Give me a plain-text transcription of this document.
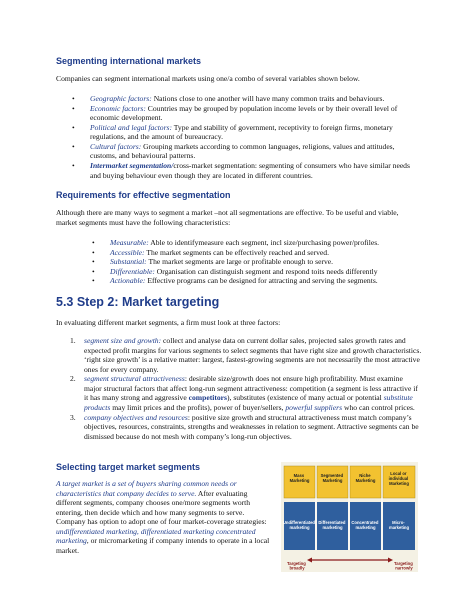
Segmenting international markets

Companies can segment international markets using one/a combo of several variables shown below.

• Geographic factors: Nations close to one another will have many common traits and behaviours.
• Economic factors: Countries may be grouped by population income levels or by their overall level of economic development.
• Political and legal factors: Type and stability of government, receptivity to foreign firms, monetary regulations, and the amount of bureaucracy.
• Cultural factors: Grouping markets according to common languages, religions, values and attitudes, customs, and behavioural patterns.
• Intermarket segmentation/cross-market segmentation: segmenting of consumers who have similar needs and buying behaviour even though they are located in different countries.
Requirements for effective segmentation

Although there are many ways to segment a market –not all segmentations are effective. To be useful and viable, market segments must have the following characteristics:

• Measurable: Able to identifymeasure each segment, incl size/purchasing power/profiles.
• Accessible: The market segments can be effectively reached and served.
• Substantial: The market segments are large or profitable enough to serve.
• Differentiable: Organisation can distinguish segment and respond toits needs differently
• Actionable: Effective programs can be designed for attracting and serving the segments.
5.3 Step 2: Market targeting

In evaluating different market segments, a firm must look at three factors:

1. segment size and growth: collect and analyse data on current dollar sales, projected sales growth rates and expected profit margins for various segments to select segments that have right size and growth characteristics. ‘right size growth’ is a relative matter: largest, fastest-growing segments are not necessarily the most attractive ones for every company.
2. segment structural attractiveness: desirable size/growth does not ensure high profitability. Must examine major structural factors that affect long-run segment attractiveness: competition (a segment is less attractive if it has many strong and aggressive competitors), substitutes (existence of many actual or potential substitute products may limit prices and the profits), power of buyer/sellers, powerful suppliers who can control prices.
3. company objectives and resources: positive size growth and structural attractiveness must match company’s objectives, resources, constraints, strengths and weaknesses in relation to segment. Attractive segments can be dismissed because do not mesh with company’s long-run objectives.
Selecting target market segments

A target market is a set of buyers sharing common needs or characteristics that company decides to serve. After evaluating different segments, company chooses one/more segments worth entering, then decide which and how many segments to serve. Company has option to adopt one of four market-coverage strategies: undifferentiated marketing, differentiated marketing concentrated marketing, or micromarketing if company intends to operate in a local market.

Mass Marketing
Segmented Marketing
Niche Marketing
Local or individual Marketing
Undifferentiated marketing
Differentiated marketing
Concentrated marketing
Micro- marketing
Targeting broadly
Targeting narrowly
